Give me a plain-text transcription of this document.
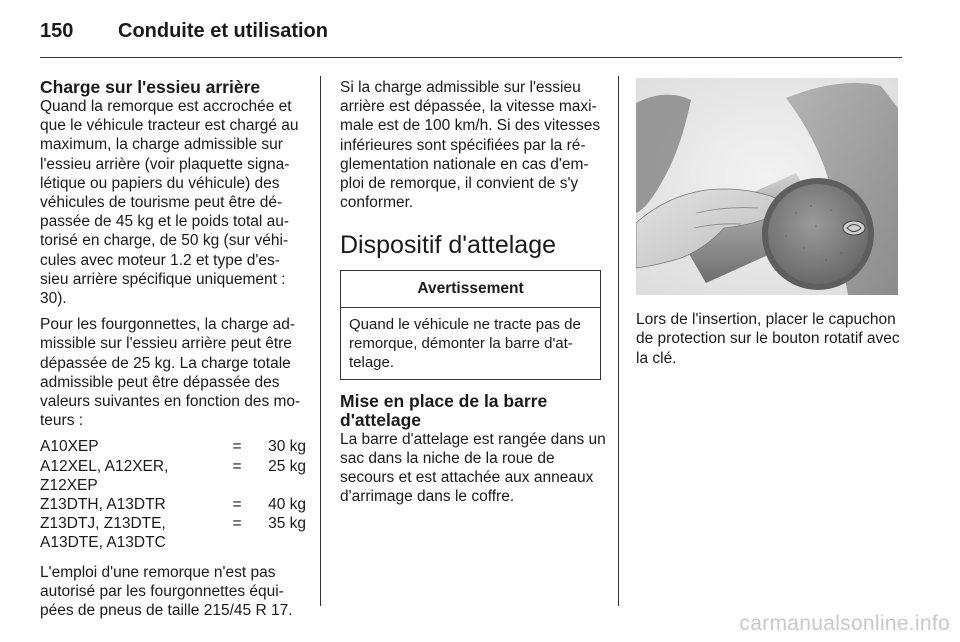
150 Conduite et utilisation
Charge sur l'essieu arrière

Quand la remorque est accrochée et que le véhicule tracteur est chargé au maximum, la charge admissible sur l'essieu arrière (voir plaquette signa-létique ou papiers du véhicule) des véhicules de tourisme peut être dé-passée de 45 kg et le poids total au-torisé en charge, de 50 kg (sur véhi-cules avec moteur 1.2 et type d'es-sieu arrière spécifique uniquement : 30).

Pour les fourgonnettes, la charge ad-missible sur l'essieu arrière peut être dépassée de 25 kg. La charge totale admissible peut être dépassée des valeurs suivantes en fonction des mo-teurs :

A10XEP	=	30 kg
A12XEL, A12XER, Z12XEP	=	25 kg
Z13DTH, A13DTR	=	40 kg
Z13DTJ, Z13DTE, A13DTE, A13DTC	=	35 kg

L'emploi d'une remorque n'est pas autorisé par les fourgonnettes équi-pées de pneus de taille 215/45 R 17.

Si la charge admissible sur l'essieu arrière est dépassée, la vitesse maxi-male est de 100 km/h. Si des vitesses inférieures sont spécifiées par la ré-glementation nationale en cas d'em-ploi de remorque, il convient de s'y conformer.

Dispositif d'attelage
Avertissement
Quand le véhicule ne tracte pas de remorque, démonter la barre d'at-telage.
Mise en place de la barre d'attelage

La barre d'attelage est rangée dans un sac dans la niche de la roue de secours et est attachée aux anneaux d'arrimage dans le coffre.

Lors de l'insertion, placer le capuchon de protection sur le bouton rotatif avec la clé.

carmanualsonline.info
